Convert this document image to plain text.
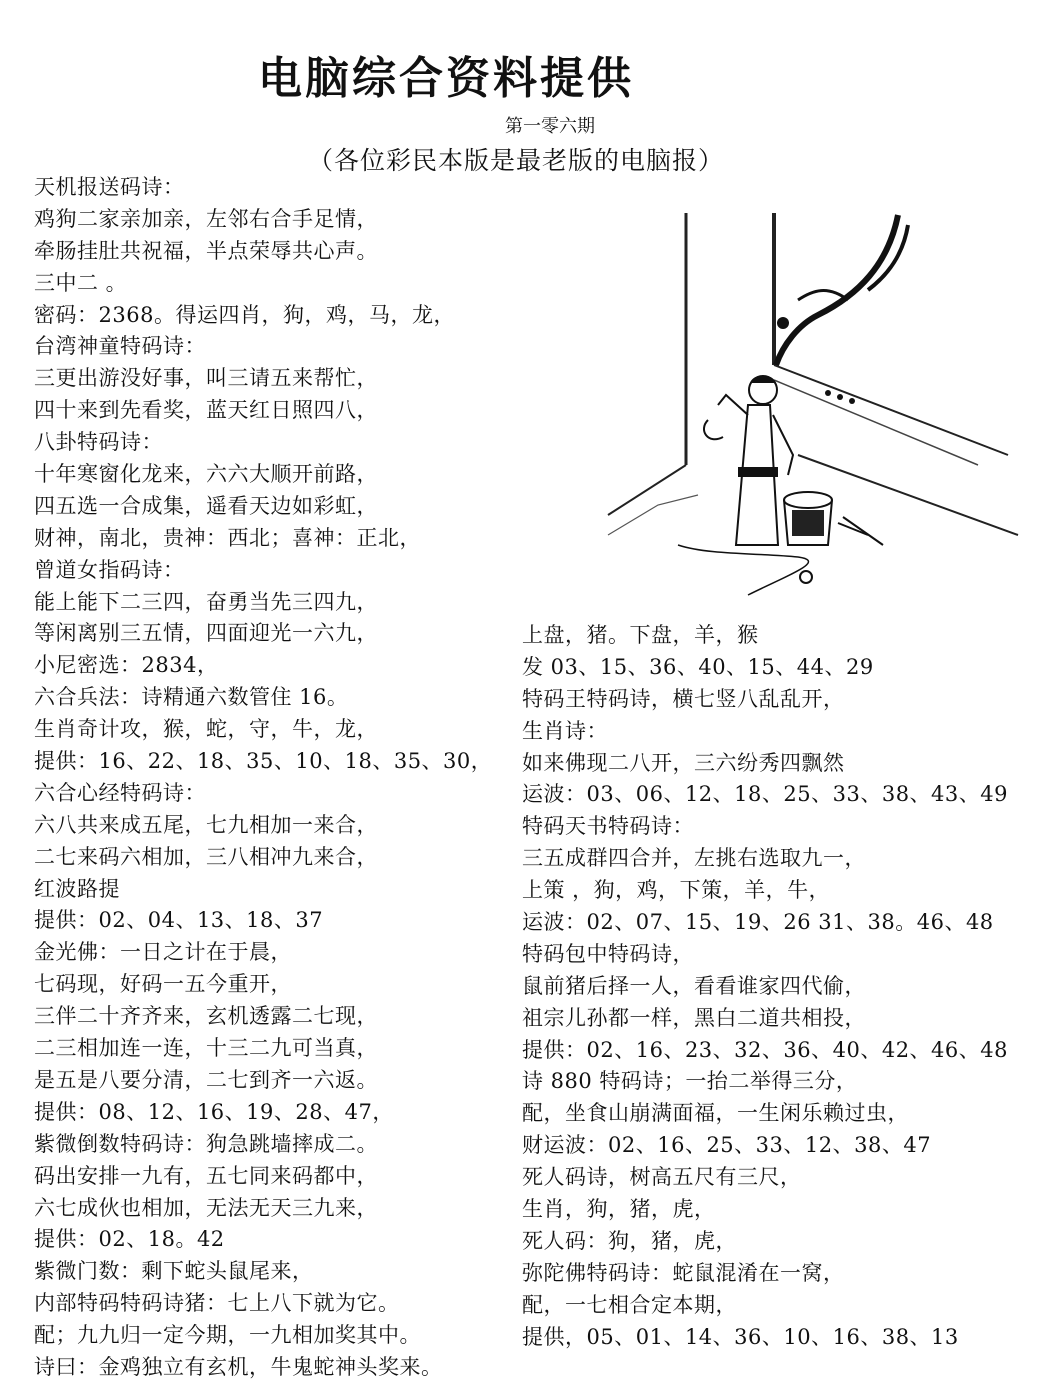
电脑综合资料提供
第一零六期
（各位彩民本版是最老版的电脑报）
天机报送码诗：
鸡狗二家亲加亲，左邻右合手足情，
牵肠挂肚共祝福，半点荣辱共心声。
三中二 。
密码：2368。得运四肖，狗，鸡，马，龙，
台湾神童特码诗：
三更出游没好事，叫三请五来帮忙，
四十来到先看奖，蓝天红日照四八，
八卦特码诗：
十年寒窗化龙来，六六大顺开前路，
四五选一合成集，遥看天边如彩虹，
财神，南北，贵神：西北；喜神：正北，
曾道女指码诗：
能上能下二三四，奋勇当先三四九，
等闲离别三五情，四面迎光一六九，
小尼密选：2834，
六合兵法：诗精通六数管住 16。
生肖奇计攻，猴，蛇，守，牛，龙，
提供：16、22、18、35、10、18、35、30，
六合心经特码诗：
六八共来成五尾，七九相加一来合，
二七来码六相加，三八相冲九来合，
红波路提
提供：02、04、13、18、37
金光佛：一日之计在于晨，
七码现，好码一五今重开，
三伴二十齐齐来，玄机透露二七现，
二三相加连一连，十三二九可当真，
是五是八要分清，二七到齐一六返。
提供：08、12、16、19、28、47，
紫微倒数特码诗：狗急跳墙摔成二。
码出安排一九有，五七同来码都中，
六七成伙也相加，无法无天三九来，
提供：02、18。42
紫微门数：剩下蛇头鼠尾来，
内部特码特码诗猪：七上八下就为它。
配；九九归一定今期，一九相加奖其中。
诗曰：金鸡独立有玄机，牛鬼蛇神头奖来。
上盘，猪。下盘，羊，猴
发 03、15、36、40、15、44、29
特码王特码诗，横七竖八乱乱开，
生肖诗：
如来佛现二八开，三六纷秀四飘然
运波：03、06、12、18、25、33、38、43、49
特码天书特码诗：
三五成群四合并，左挑右选取九一，
上策 ，狗，鸡，下策，羊，牛，
运波：02、07、15、19、26 31、38。46、48
特码包中特码诗，
鼠前猪后择一人，看看谁家四代偷，
祖宗儿孙都一样，黑白二道共相投，
提供：02、16、23、32、36、40、42、46、48
诗 880 特码诗；一抬二举得三分，
配，坐食山崩满面福，一生闲乐赖过虫，
财运波：02、16、25、33、12、38、47
死人码诗，树高五尺有三尺，
生肖，狗，猪，虎，
死人码：狗，猪，虎，
弥陀佛特码诗：蛇鼠混淆在一窝，
配，一七相合定本期，
提供，05、01、14、36、10、16、38、13
